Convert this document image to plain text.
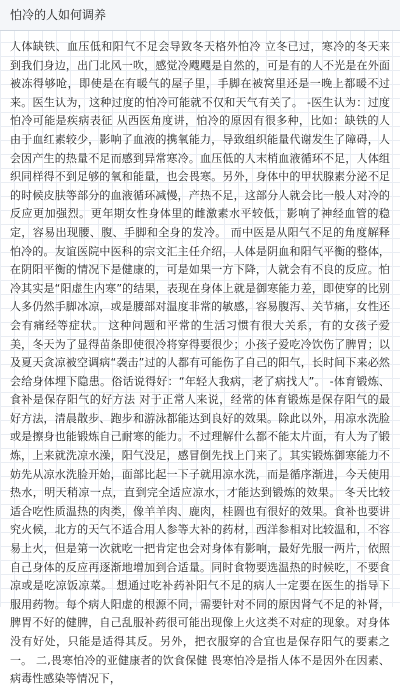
怕冷的人如何调养

人体缺铁、血压低和阳气不足会导致冬天格外怕冷 立冬已过，寒冷的冬天来到我们身边，出门北风一吹，感觉冷飕飕是自然的，可是有的人不光是在外面被冻得够呛，即使是在有暖气的屋子里，手脚在被窝里还是一晚上都暖不过来。医生认为，这种过度的怕冷可能就不仅和天气有关了。 -医生认为：过度怕冷可能是疾病表征 从西医角度讲，怕冷的原因有很多种，比如：缺铁的人由于血红素较少，影响了血液的携氧能力，导致组织能量代谢发生了障碍，人会因产生的热量不足而感到异常寒冷。血压低的人末梢血液循环不足，人体组织同样得不到足够的氧和能量，也会畏寒。另外，身体中的甲状腺素分泌不足的时候皮肤等部分的血液循环减慢，产热不足，这部分人就会比一般人对冷的反应更加强烈。更年期女性身体里的雌激素水平较低，影响了神经血管的稳定，容易出现腰、腹、手脚和全身的发冷。 而中医是从阳气不足的角度解释怕冷的。友谊医院中医科的宗文汇主任介绍，人体是阴血和阳气平衡的整体，在阴阳平衡的情况下是健康的，可是如果一方下降，人就会有不良的反应。怕冷其实是“阳虚生内寒”的结果，表现在身体上就是御寒能力差，即使穿的比别人多仍然手脚冰凉，或是腰部对温度非常的敏感，容易腹泻、关节痛，女性还会有痛经等症状。 这种问题和平常的生活习惯有很大关系，有的女孩子爱美，冬天为了显得苗条即使很冷将穿得要很少；小孩子爱吃冷饮伤了脾胃；以及夏天贪凉被空调病“袭击”过的人都有可能伤了自己的阳气，长时间下来必然会给身体埋下隐患。俗话说得好：“年轻人我病，老了病找人”。 -体育锻炼、食补是保存阳气的好方法 对于正常人来说，经常的体育锻炼是保存阳气的最好方法，清晨散步、跑步和游泳都能达到良好的效果。除此以外，用凉水洗脸或是擦身也能锻炼自己耐寒的能力。不过理解什么都不能太片面，有人为了锻炼，上来就洗凉水澡，阳气没足，感冒倒先找上门来了。其实锻炼御寒能力不妨先从凉水洗脸开始，面部比起一下子就用凉水洗，而是循序渐进，今天使用热水，明天稍凉一点，直到完全适应凉水，才能达到锻炼的效果。 冬天比较适合吃性质温热的肉类，像羊羊肉、鹿肉，桂圆也有很好的效果。食补也要讲究火候，北方的天气不适合用人参等大补的药材，西洋参相对比较温和，不容易上火，但是第一次就吃一把肯定也会对身体有影响，最好先服一两片，依照自己身体的反应再逐渐地增加到合适量。同时食物要选温热的时候吃，不要食凉或是吃凉饭凉菜。 想通过吃补药补阳气不足的病人一定要在医生的指导下服用药物。每个病人阳虚的根源不同，需要针对不同的原因肾气不足的补肾，脾胃不好的健脾，自己乱服补药很可能出现像上火这类不对症的现象。对身体没有好处，只能是适得其反。另外，把衣服穿的合宜也是保存阳气的要素之一。 二,畏寒怕冷的亚健康者的饮食保健 畏寒怕冷是指人体不是因外在因素、病毒性感染等情况下，
